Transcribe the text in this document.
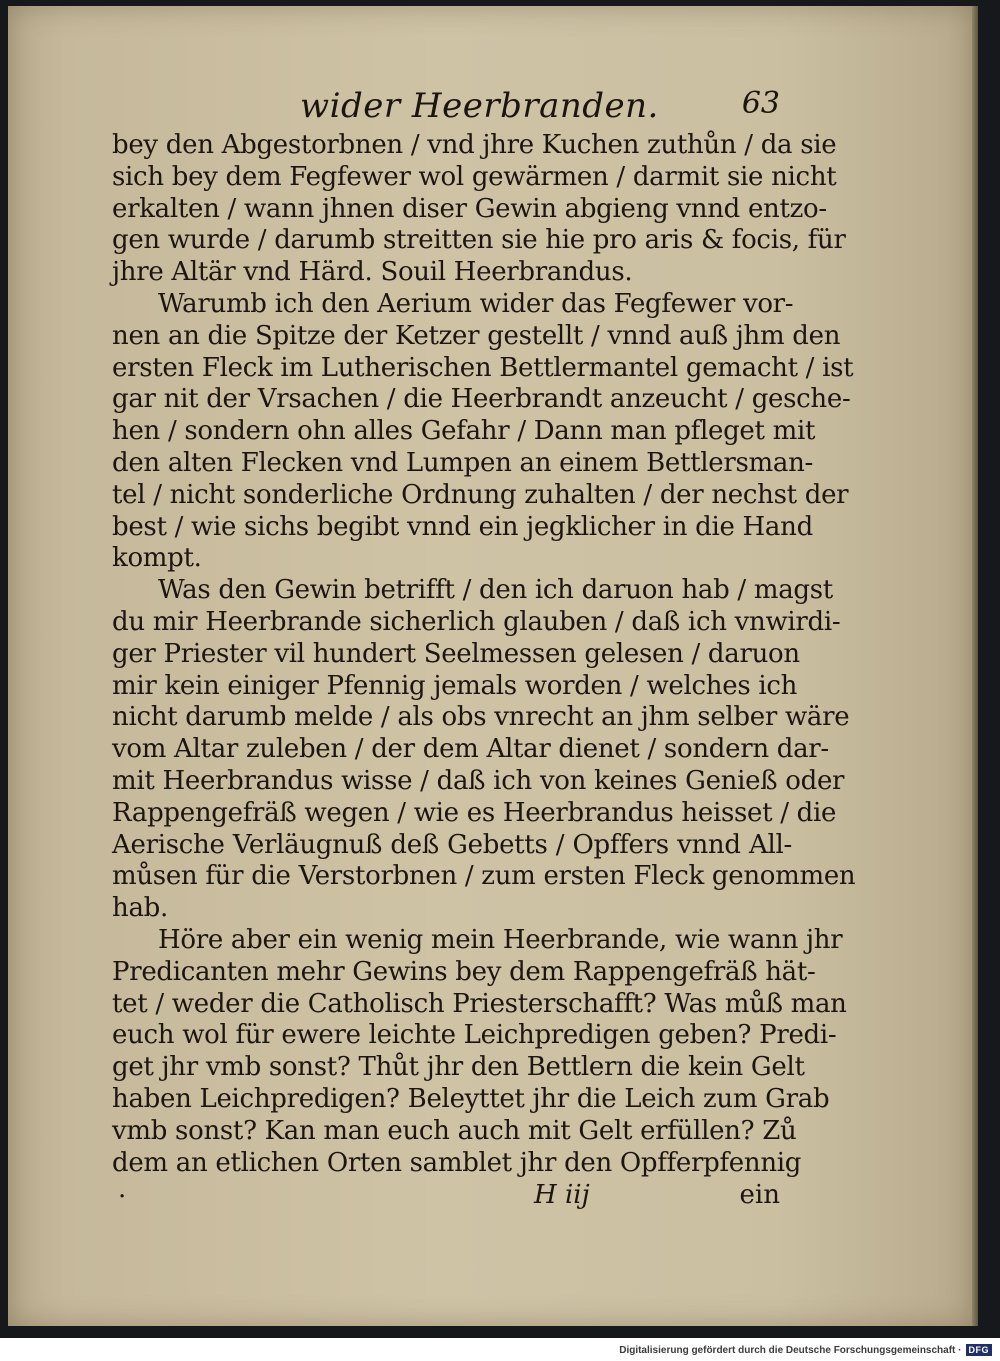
wider Heerbranden.	63
bey den Abgestorbnen / vnd jhre Kuchen zuthůn / da sie
sich bey dem Fegfewer wol gewärmen / darmit sie nicht
erkalten / wann jhnen diser Gewin abgieng vnnd entzo-
gen wurde / darumb streitten sie hie pro aris & focis, für
jhre Altär vnd Härd. Souil Heerbrandus.
Warumb ich den Aerium wider das Fegfewer vor-
nen an die Spitze der Ketzer gestellt / vnnd auß jhm den
ersten Fleck im Lutherischen Bettlermantel gemacht / ist
gar nit der Vrsachen / die Heerbrandt anzeucht / gesche-
hen / sondern ohn alles Gefahr / Dann man pfleget mit
den alten Flecken vnd Lumpen an einem Bettlersman-
tel / nicht sonderliche Ordnung zuhalten / der nechst der
best / wie sichs begibt vnnd ein jegklicher in die Hand
kompt.
Was den Gewin betrifft / den ich daruon hab / magst
du mir Heerbrande sicherlich glauben / daß ich vnwirdi-
ger Priester vil hundert Seelmessen gelesen / daruon
mir kein einiger Pfennig jemals worden / welches ich
nicht darumb melde / als obs vnrecht an jhm selber wäre
vom Altar zuleben / der dem Altar dienet / sondern dar-
mit Heerbrandus wisse / daß ich von keines Genieß oder
Rappengefräß wegen / wie es Heerbrandus heisset / die
Aerische Verläugnuß deß Gebetts / Opffers vnnd All-
můsen für die Verstorbnen / zum ersten Fleck genommen
hab.
Höre aber ein wenig mein Heerbrande, wie wann jhr
Predicanten mehr Gewins bey dem Rappengefräß hät-
tet / weder die Catholisch Priesterschafft? Was můß man
euch wol für ewere leichte Leichpredigen geben? Predi-
get jhr vmb sonst? Thůt jhr den Bettlern die kein Gelt
haben Leichpredigen? Beleyttet jhr die Leich zum Grab
vmb sonst? Kan man euch auch mit Gelt erfüllen? Zů
dem an etlichen Orten samblet jhr den Opfferpfennig
·	H iij	ein
Digitalisierung gefördert durch die Deutsche Forschungsgemeinschaft · DFG
